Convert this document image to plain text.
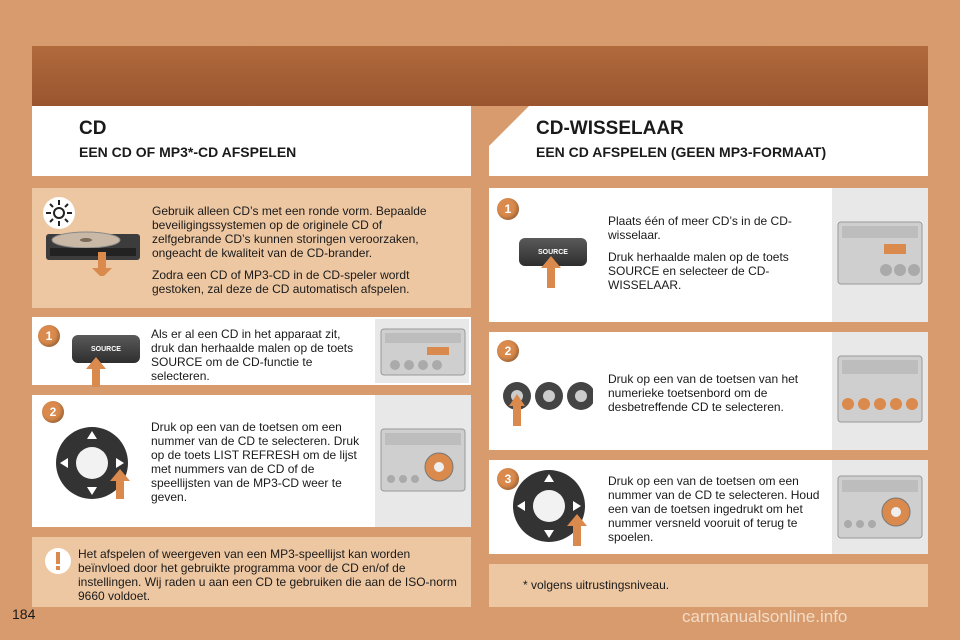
CD
EEN CD OF MP3*-CD AFSPELEN
CD-WISSELAAR
EEN CD AFSPELEN (GEEN MP3-FORMAAT)

Gebruik alleen CD’s met een ronde vorm. Bepaalde beveiligingssystemen op de originele CD of zelfgebrande CD’s kunnen storingen veroorzaken, ongeacht de kwaliteit van de CD-brander.

Zodra een CD of MP3-CD in de CD-speler wordt gestoken, zal deze de CD automatisch afspelen.

1
SOURCE
Als er al een CD in het apparaat zit, druk dan herhaalde malen op de toets SOURCE om de CD-functie te selecteren.
2
Druk op een van de toetsen om een nummer van de CD te selecteren. Druk op de toets LIST REFRESH om de lijst met nummers van de CD of de speellijsten van de MP3-CD weer te geven.
Het afspelen of weergeven van een MP3-speellijst kan worden beïnvloed door het gebruikte programma voor de CD en/of de instellingen. Wij raden u aan een CD te gebruiken die aan de ISO-norm 9660 voldoet.
1
SOURCE

Plaats één of meer CD’s in de CD-wisselaar.

Druk herhaalde malen op de toets SOURCE en selecteer de CD-WISSELAAR.

2
Druk op een van de toetsen van het numerieke toetsenbord om de desbetreffende CD te selecteren.
3	Druk op een van de toetsen om een nummer van de CD te selecteren. Houd een van de toetsen ingedrukt om het nummer versneld vooruit of terug te spoelen.
* volgens uitrustingsniveau.
184	carmanualsonline.info
